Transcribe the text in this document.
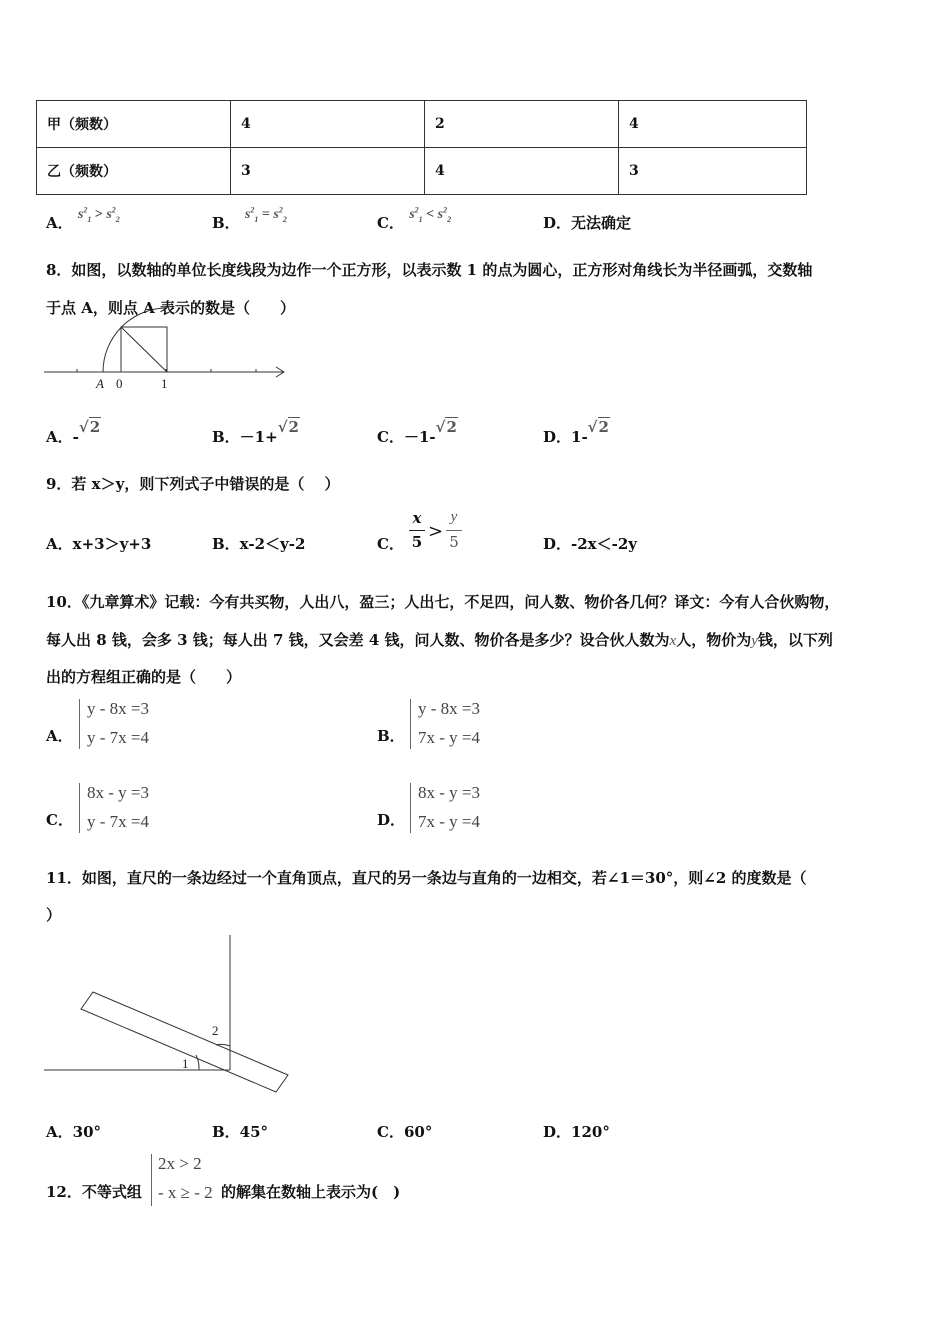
甲（频数）	4	2	4
乙（频数）	3	4	3
A． $s^2_1 > s^2_2$	B． $s^2_1 = s^2_2$	C． $s^2_1 < s^2_2$	D．无法确定
8．如图，以数轴的单位长度线段为边作一个正方形，以表示数 1 的点为圆心，正方形对角线长为半径画弧，交数轴
于点 A，则点 A 表示的数是（　　）
A 0	1
A．-√2
B．－1+√2
C．－1-√2
D．1-√2
9．若 x＞y，则下列式子中错误的是（　 ）
A．x+3＞y+3	B．x-2＜y-2	C．
x
5 >
y
5	D．-2x＜-2y
10．《九章算术》记载：今有共买物，人出八，盈三；人出七，不足四，问人数、物价各几何？译文：今有人合伙购物，
每人出 8 钱，会多 3 钱；每人出 7 钱，又会差 4 钱，问人数、物价各是多少？设合伙人数为x人，物价为y钱，以下列
出的方程组正确的是（　　）
A．
y - 8x =3
y - 7x =4	B．
y - 8x =3
7x - y =4
C．
8x - y =3
y - 7x =4	D．
8x - y =3
7x - y =4
11．如图，直尺的一条边经过一个直角顶点，直尺的另一条边与直角的一边相交，若∠1＝30°，则∠2 的度数是（
）
1
2
A．30°	B．45°	C．60°	D．120°
12．不等式组
2x > 2
- x ≥ - 2 的解集在数轴上表示为(　)
